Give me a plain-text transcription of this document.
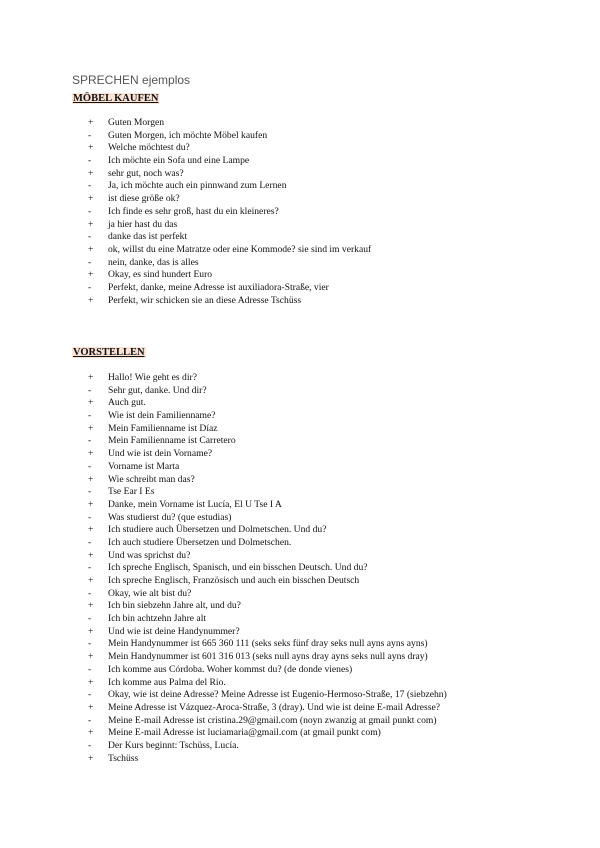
SPRECHEN ejemplos
MÖBEL KAUFEN
+	Guten Morgen
-	Guten Morgen, ich möchte Möbel kaufen
+	Welche möchtest du?
-	Ich möchte ein Sofa und eine Lampe
+	sehr gut, noch was?
-	Ja, ich möchte auch ein pinnwand zum Lernen
+	ist diese größe ok?
-	Ich finde es sehr groß, hast du ein kleineres?
+	ja hier hast du das
-	danke das ist perfekt
+	ok, willst du eine Matratze oder eine Kommode? sie sind im verkauf
-	nein, danke, das is alles
+	Okay, es sind hundert Euro
-	Perfekt, danke, meine Adresse ist auxiliadora-Straße, vier
+	Perfekt, wir schicken sie an diese Adresse Tschüss
VORSTELLEN
+	Hallo! Wie geht es dir?
-	Sehr gut, danke. Und dir?
+	Auch gut.
-	Wie ist dein Familienname?
+	Mein Familienname ist Díaz
-	Mein Familienname ist Carretero
+	Und wie ist dein Vorname?
-	Vorname ist Marta
+	Wie schreibt man das?
-	Tse Ear I Es
+	Danke, mein Vorname ist Lucía, El U Tse I A
-	Was studierst du? (que estudias)
+	Ich studiere auch Übersetzen und Dolmetschen. Und du?
-	Ich auch studiere Übersetzen und Dolmetschen.
+	Und was sprichst du?
-	Ich spreche Englisch, Spanisch, und ein bisschen Deutsch. Und du?
+	Ich spreche Englisch, Französisch und auch ein bisschen Deutsch
-	Okay, wie alt bist du?
+	Ich bin siebzehn Jahre alt, und du?
-	Ich bin achtzehn Jahre alt
+	Und wie ist deine Handynummer?
-	Mein Handynummer ist 665 360 111 (seks seks fünf dray seks null ayns ayns ayns)
+	Mein Handynummer ist 601 316 013 (seks null ayns dray ayns seks null ayns dray)
-	Ich komme aus Córdoba. Woher kommst du? (de donde vienes)
+	Ich komme aus Palma del Río.
-	Okay, wie ist deine Adresse? Meine Adresse ist Eugenio-Hermoso-Straße, 17 (siebzehn)
+	Meine Adresse ist Vázquez-Aroca-Straße, 3 (dray). Und wie ist deine E-mail Adresse?
-	Meine E-mail Adresse ist cristina.29@gmail.com (noyn zwanzig at gmail punkt com)
+	Meine E-mail Adresse ist luciamaria@gmail.com (at gmail punkt com)
-	Der Kurs beginnt: Tschüss, Lucía.
+	Tschüss
